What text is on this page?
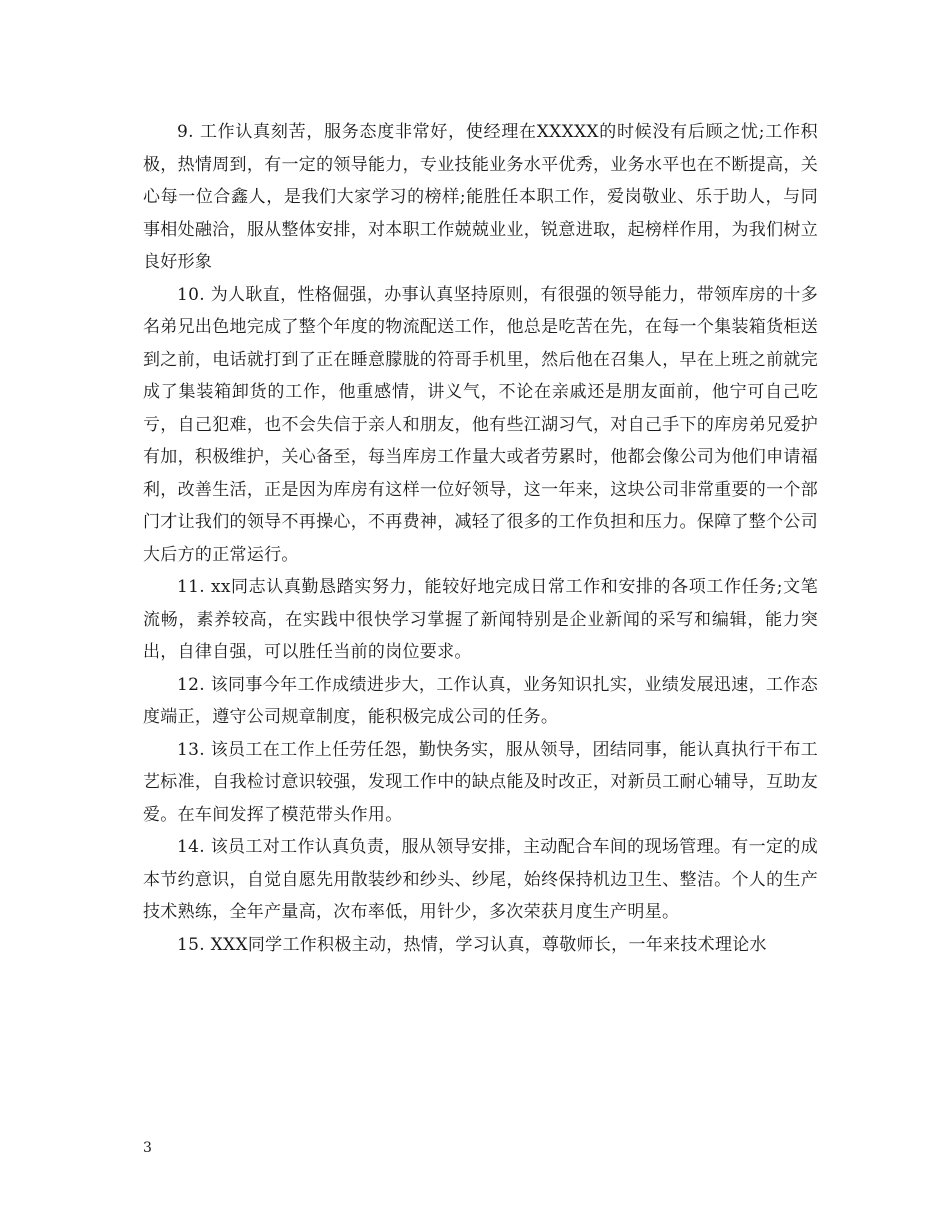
9. 工作认真刻苦，服务态度非常好，使经理在XXXXX的时候没有后顾之忧;工作积极，热情周到，有一定的领导能力，专业技能业务水平优秀，业务水平也在不断提高，关心每一位合鑫人，是我们大家学习的榜样;能胜任本职工作，爱岗敬业、乐于助人，与同事相处融洽，服从整体安排，对本职工作兢兢业业，锐意进取，起榜样作用，为我们树立良好形象

10. 为人耿直，性格倔强，办事认真坚持原则，有很强的领导能力，带领库房的十多名弟兄出色地完成了整个年度的物流配送工作，他总是吃苦在先，在每一个集装箱货柜送到之前，电话就打到了正在睡意朦胧的符哥手机里，然后他在召集人，早在上班之前就完成了集装箱卸货的工作，他重感情，讲义气，不论在亲戚还是朋友面前，他宁可自己吃亏，自己犯难，也不会失信于亲人和朋友，他有些江湖习气，对自己手下的库房弟兄爱护有加，积极维护，关心备至，每当库房工作量大或者劳累时，他都会像公司为他们申请福利，改善生活，正是因为库房有这样一位好领导，这一年来，这块公司非常重要的一个部门才让我们的领导不再操心，不再费神，减轻了很多的工作负担和压力。保障了整个公司大后方的正常运行。

11. xx同志认真勤恳踏实努力，能较好地完成日常工作和安排的各项工作任务;文笔流畅，素养较高，在实践中很快学习掌握了新闻特别是企业新闻的采写和编辑，能力突出，自律自强，可以胜任当前的岗位要求。

12. 该同事今年工作成绩进步大，工作认真，业务知识扎实，业绩发展迅速，工作态度端正，遵守公司规章制度，能积极完成公司的任务。

13. 该员工在工作上任劳任怨，勤快务实，服从领导，团结同事，能认真执行干布工艺标准，自我检讨意识较强，发现工作中的缺点能及时改正，对新员工耐心辅导，互助友爱。在车间发挥了模范带头作用。

14. 该员工对工作认真负责，服从领导安排，主动配合车间的现场管理。有一定的成本节约意识，自觉自愿先用散装纱和纱头、纱尾，始终保持机边卫生、整洁。个人的生产技术熟练，全年产量高，次布率低，用针少，多次荣获月度生产明星。

15. XXX同学工作积极主动，热情，学习认真，尊敬师长，一年来技术理论水

3
